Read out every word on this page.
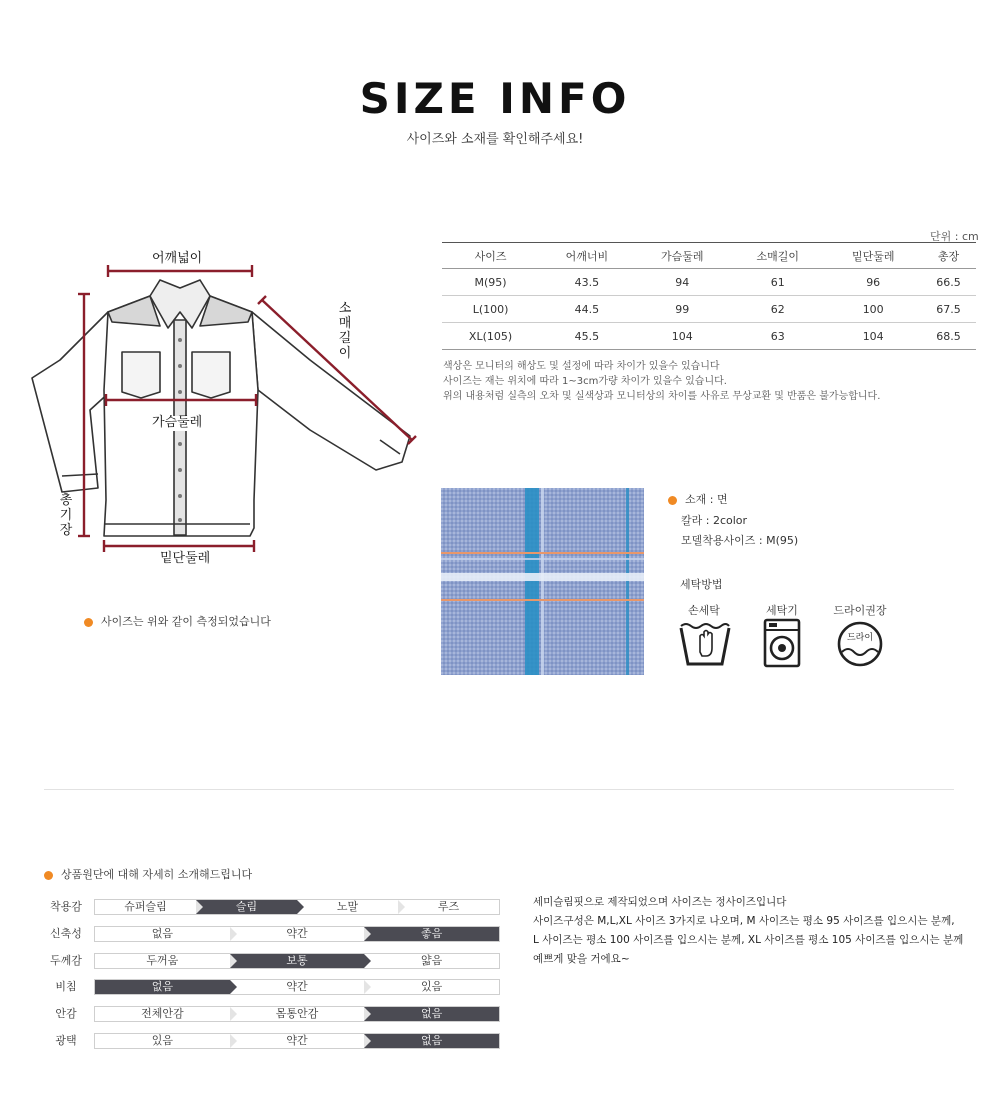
SIZE INFO
사이즈와 소재를 확인해주세요!
어깨넓이
가슴둘레
밑단둘레
소매길이
총기장
사이즈는 위와 같이 측정되었습니다
단위 : cm
사이즈	어깨너비	가슴둘레	소매길이	밑단둘레	총장
M(95)	43.5	94	61	96	66.5
L(100)	44.5	99	62	100	67.5
XL(105)	45.5	104	63	104	68.5
색상은 모니터의 해상도 및 설정에 따라 차이가 있을수 있습니다
사이즈는 재는 위치에 따라 1~3cm가량 차이가 있을수 있습니다.
위의 내용처럼 실측의 오차 및 실색상과 모니터상의 차이를 사유로 무상교환 및 반품은 불가능합니다.
소재 : 면
칼라 : 2color
모델착용사이즈 : M(95)
세탁방법
손세탁	세탁기	드라이권장
드라이
상품원단에 대해 자세히 소개해드립니다
착용감	슈퍼슬림	슬림	노말	루즈
신축성	없음	약간	좋음
두께감	두꺼움	보통	얇음
비침	없음	약간	있음
안감	전체안감	몸통안감	없음
광택	있음	약간	없음
세미슬림핏으로 제작되었으며 사이즈는 정사이즈입니다
사이즈구성은 M,L,XL 사이즈 3가지로 나오며, M 사이즈는 평소 95 사이즈를 입으시는 분께,
L 사이즈는 평소 100 사이즈를 입으시는 분께, XL 사이즈를 평소 105 사이즈를 입으시는 분께
예쁘게 맞을 거에요~
